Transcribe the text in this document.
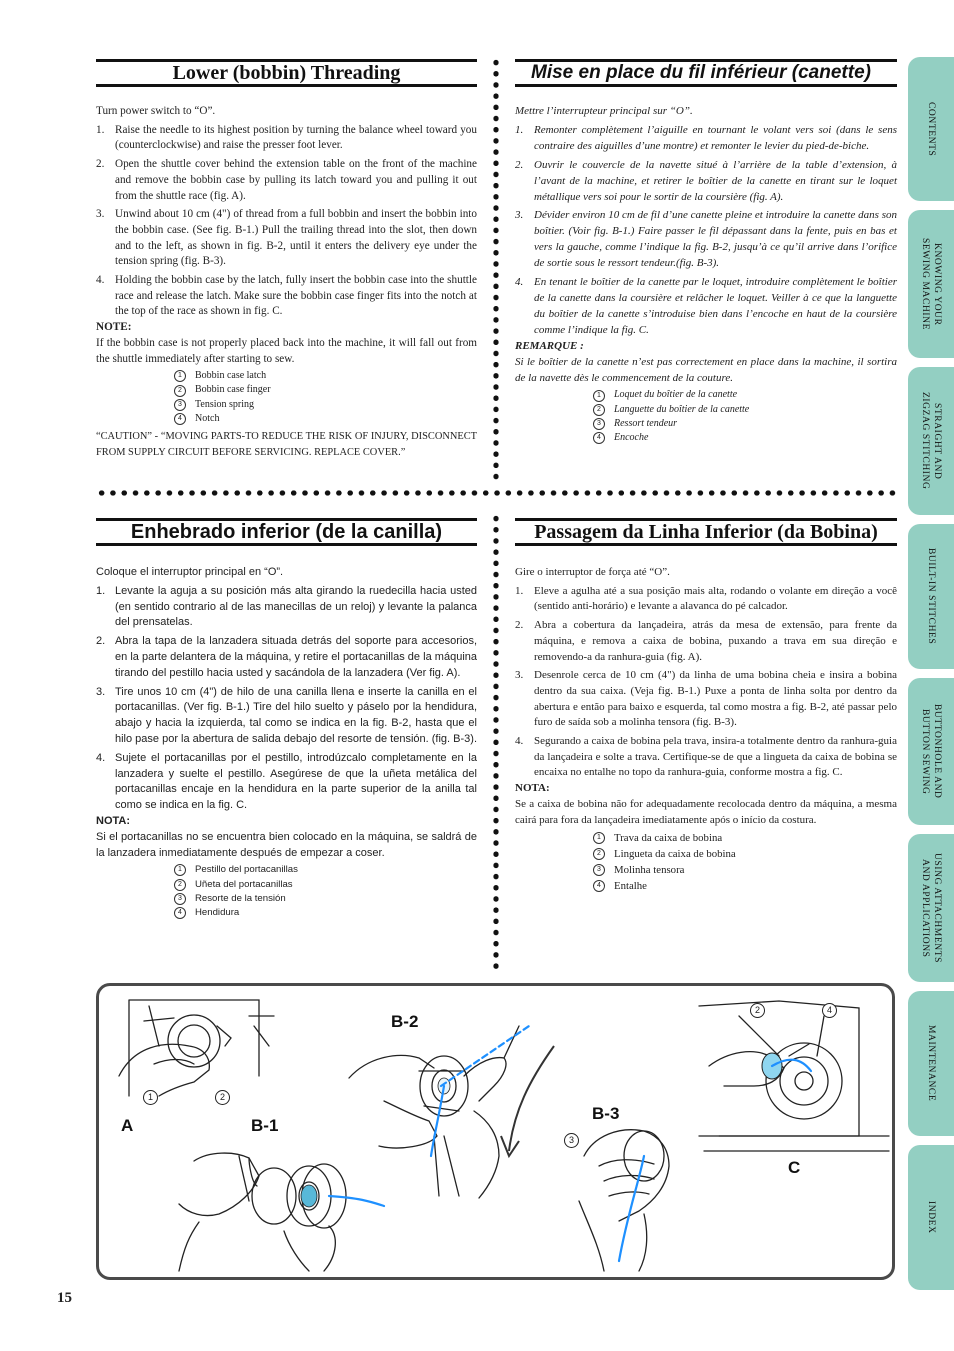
Lower (bobbin) Threading

Turn power switch to “O”.

1. Raise the needle to its highest position by turning the balance wheel toward you (counterclockwise) and raise the presser foot lever.
2. Open the shuttle cover behind the extension table on the front of the machine and remove the bobbin case by pulling its latch toward you and pulling it out from the shuttle race (fig. A).
3. Unwind about 10 cm (4") of thread from a full bobbin and insert the bobbin into the bobbin case. (See fig. B-1.) Pull the trailing thread into the slot, then down and to the left, as shown in fig. B-2, until it enters the delivery eye under the tension spring (fig. B-3).
4. Holding the bobbin case by the latch, fully insert the bobbin case into the shuttle race and release the latch. Make sure the bobbin case finger fits into the notch at the top of the race as shown in fig. C.

NOTE:

If the bobbin case is not properly placed back into the machine, it will fall out from the shuttle immediately after starting to sew.

1	Bobbin case latch
2	Bobbin case finger
3	Tension spring
4	Notch

“CAUTION” - “MOVING PARTS-TO REDUCE THE RISK OF INJURY, DISCONNECT FROM SUPPLY CIRCUIT BEFORE SERVICING. REPLACE COVER.”

Mise en place du fil inférieur (canette)

Mettre l’interrupteur principal sur “O”.

1. Remonter complètement l’aiguille en tournant le volant vers soi (dans le sens contraire des aiguilles d’une montre) et remonter le levier du pied-de-biche.
2. Ouvrir le couvercle de la navette situé à l’arrière de la table d’extension, à l’avant de la machine, et retirer le boîtier de la canette en tirant sur le loquet métallique vers soi pour le sortir de la coursière (fig. A).
3. Dévider environ 10 cm de fil d’une canette pleine et introduire la canette dans son boîtier. (Voir fig. B-1.) Faire passer le fil dépassant dans la fente, puis en bas et vers la gauche, comme l’indique la fig. B-2, jusqu’à ce qu’il arrive dans l’orifice de sortie sous le ressort tendeur.(fig. B-3).
4. En tenant le boîtier de la canette par le loquet, introduire complètement le boîtier de la canette dans la coursière et relâcher le loquet. Veiller à ce que la languette du boîtier de la canette s’introduise bien dans l’encoche en haut de la coursière comme l’indique la fig. C.

REMARQUE :

Si le boîtier de la canette n’est pas correctement en place dans la machine, il sortira de la navette dès le commencement de la couture.

1	Loquet du boîtier de la canette
2	Languette du boîtier de la canette
3	Ressort tendeur
4	Encoche
Enhebrado inferior (de la canilla)

Coloque el interruptor principal en “O”.

1. Levante la aguja a su posición más alta girando la ruedecilla hacia usted (en sentido contrario al de las manecillas de un reloj) y levante la palanca del prensatelas.
2. Abra la tapa de la lanzadera situada detrás del soporte para accesorios, en la parte delantera de la máquina, y retire el portacanillas de la máquina tirando del pestillo hacia usted y sacándola de la lanzadera (Ver fig. A).
3. Tire unos 10 cm (4") de hilo de una canilla llena e inserte la canilla en el portacanillas. (Ver fig. B-1.) Tire del hilo suelto y páselo por la hendidura, abajo y hacia la izquierda, tal como se indica en la fig. B-2, hasta que el hilo pase por la abertura de salida debajo del resorte de tensión. (fig. B-3).
4. Sujete el portacanillas por el pestillo, introdúzcalo completamente en la lanzadera y suelte el pestillo. Asegúrese de que la uñeta metálica del portacanillas encaje en la hendidura en la parte superior de la anilla tal como se indica en la fig. C.

NOTA:

Si el portacanillas no se encuentra bien colocado en la máquina, se saldrá de la lanzadera inmediatamente después de empezar a coser.

1	Pestillo del portacanillas
2	Uñeta del portacanillas
3	Resorte de la tensión
4	Hendidura
Passagem da Linha Inferior (da Bobina)

Gire o interruptor de força até “O”.

1. Eleve a agulha até a sua posição mais alta, rodando o volante em direção a você (sentido anti-horário) e levante a alavanca do pé calcador.
2. Abra a cobertura da lançadeira, atrás da mesa de extensão, para frente da máquina, e remova a caixa de bobina, puxando a trava em sua direção e removendo-a da ranhura-guia (fig. A).
3. Desenrole cerca de 10 cm (4") da linha de uma bobina cheia e insira a bobina dentro da sua caixa. (Veja fig. B-1.) Puxe a ponta de linha solta por dentro da abertura e então para baixo e esquerda, tal como mostra a fig. B-2, até passar pelo furo de saída sob a molinha tensora (fig. B-3).
4. Segurando a caixa de bobina pela trava, insira-a totalmente dentro da ranhura-guia da lançadeira e solte a trava. Certifique-se de que a lingueta da caixa de bobina se encaixa no entalhe no topo da ranhura-guia, conforme mostra a fig. C.

NOTA:

Se a caixa de bobina não for adequadamente recolocada dentro da máquina, a mesma cairá para fora da lançadeira imediatamente após o início da costura.

1	Trava da caixa de bobina
2	Lingueta da caixa de bobina
3	Molinha tensora
4	Entalhe
A	B-1
B-2
B-3
C
1	2
3
2	4
15
CONTENTS
KNOWING YOUR
SEWING MACHINE
STRAIGHT AND
ZIGZAG STITCHING
BUILT-IN STITCHES
BUTTONHOLE AND
BUTTON SEWING
USING ATTACHMENTS
AND APPLICATIONS
MAINTENANCE
INDEX
